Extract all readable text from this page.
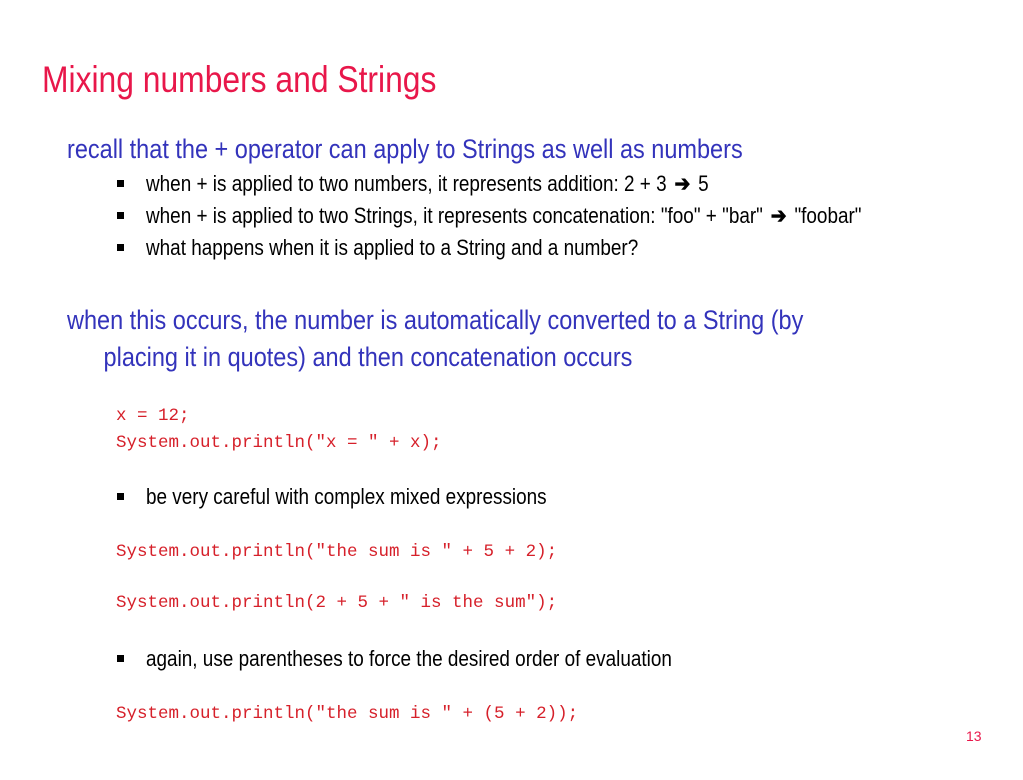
Mixing numbers and Strings

recall that the + operator can apply to Strings as well as numbers

when + is applied to two numbers, it represents addition: 2 + 3 ➔ 5
when + is applied to two Strings, it represents concatenation: "foo" + "bar" ➔ "foobar"
what happens when it is applied to a String and a number?

when this occurs, the number is automatically converted to a String (by
placing it in quotes) and then concatenation occurs

x = 12;
System.out.println("x = " + x);
be very careful with complex mixed expressions
System.out.println("the sum is " + 5 + 2);
System.out.println(2 + 5 + " is the sum");
again, use parentheses to force the desired order of evaluation
System.out.println("the sum is " + (5 + 2));
13
